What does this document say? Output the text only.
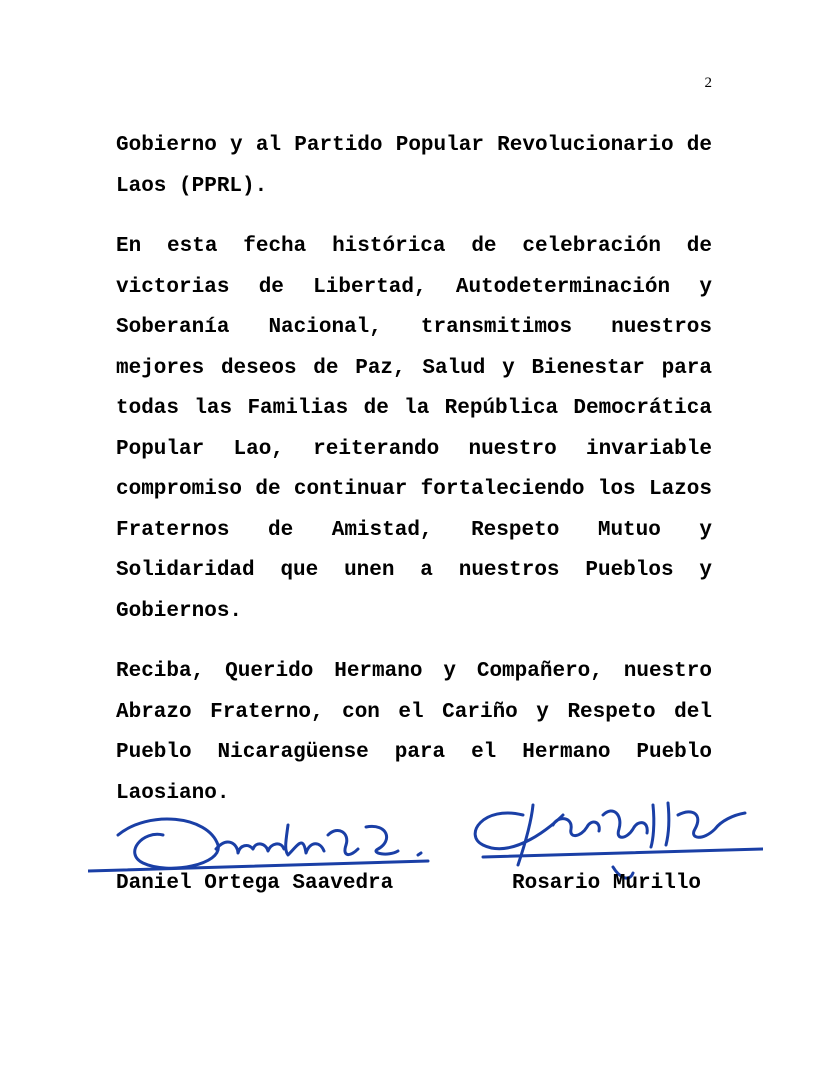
2

Gobierno y al Partido Popular Revolucionario de Laos (PPRL).

En esta fecha histórica de celebración de victorias de Libertad, Autodeterminación y Soberanía Nacional, transmitimos nuestros mejores deseos de Paz, Salud y Bienestar para todas las Familias de la República Democrática Popular Lao, reiterando nuestro invariable compromiso de continuar fortaleciendo los Lazos Fraternos de Amistad, Respeto Mutuo y Solidaridad que unen a nuestros Pueblos y Gobiernos.

Reciba, Querido Hermano y Compañero, nuestro Abrazo Fraterno, con el Cariño y Respeto del Pueblo Nicaragüense para el Hermano Pueblo Laosiano.

Daniel Ortega Saavedra	Rosario Murillo
